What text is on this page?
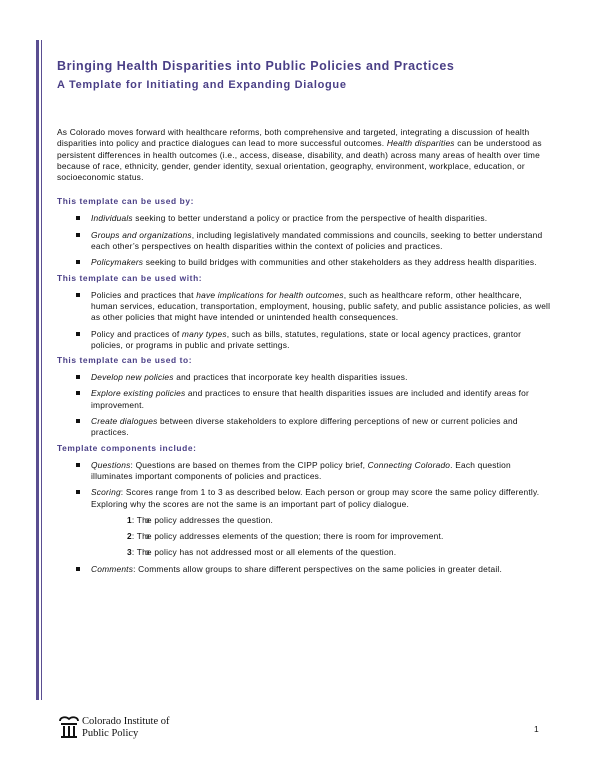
Bringing Health Disparities into Public Policies and Practices
A Template for Initiating and Expanding Dialogue

As Colorado moves forward with healthcare reforms, both comprehensive and targeted, integrating a discussion of health disparities into policy and practice dialogues can lead to more successful outcomes. Health disparities can be understood as persistent differences in health outcomes (i.e., access, disease, disability, and death) across many areas of health over time because of race, ethnicity, gender, gender identity, sexual orientation, geography, environment, workplace, education, or socioeconomic status.

This template can be used by:
Individuals seeking to better understand a policy or practice from the perspective of health disparities.
Groups and organizations, including legislatively mandated commissions and councils, seeking to better understand each other’s perspectives on health disparities within the context of policies and practices.
Policymakers seeking to build bridges with communities and other stakeholders as they address health disparities.
This template can be used with:
Policies and practices that have implications for health outcomes, such as healthcare reform, other healthcare, human services, education, transportation, employment, housing, public safety, and public assistance policies, as well as other policies that might have intended or unintended health consequences.
Policy and practices of many types, such as bills, statutes, regulations, state or local agency practices, grantor policies, or programs in public and private settings.
This template can be used to:
Develop new policies and practices that incorporate key health disparities issues.
Explore existing policies and practices to ensure that health disparities issues are included and identify areas for improvement.
Create dialogues between diverse stakeholders to explore differing perceptions of new or current policies and practices.
Template components include:
Questions: Questions are based on themes from the CIPP policy brief, Connecting Colorado. Each question illuminates important components of policies and practices.
Scoring: Scores range from 1 to 3 as described below. Each person or group may score the same policy differently. Exploring why the scores are not the same is an important part of policy dialogue.
o 1: The policy addresses the question.
o 2: The policy addresses elements of the question; there is room for improvement.
o 3: The policy has not addressed most or all elements of the question.
Comments: Comments allow groups to share different perspectives on the same policies in greater detail.
Colorado Institute of
Public Policy	1
